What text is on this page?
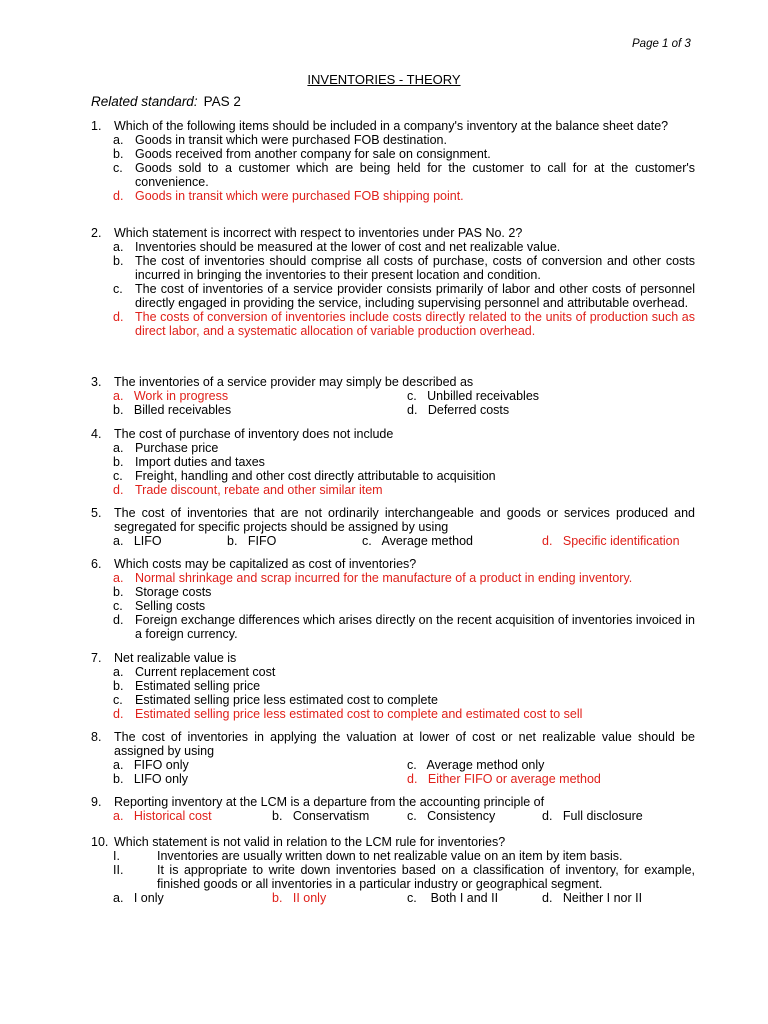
Page 1 of 3
INVENTORIES - THEORY
Related standard: PAS 2
1. Which of the following items should be included in a company's inventory at the balance sheet date?
a. Goods in transit which were purchased FOB destination.
b. Goods received from another company for sale on consignment.
c. Goods sold to a customer which are being held for the customer to call for at the customer's convenience.
d. Goods in transit which were purchased FOB shipping point.
2. Which statement is incorrect with respect to inventories under PAS No. 2?
a. Inventories should be measured at the lower of cost and net realizable value.
b. The cost of inventories should comprise all costs of purchase, costs of conversion and other costs incurred in bringing the inventories to their present location and condition.
c. The cost of inventories of a service provider consists primarily of labor and other costs of personnel directly engaged in providing the service, including supervising personnel and attributable overhead.
d. The costs of conversion of inventories include costs directly related to the units of production such as direct labor, and a systematic allocation of variable production overhead.
3. The inventories of a service provider may simply be described as
a. Work in progress	c. Unbilled receivables
b. Billed receivables	d. Deferred costs
4. The cost of purchase of inventory does not include
a. Purchase price
b. Import duties and taxes
c. Freight, handling and other cost directly attributable to acquisition
d. Trade discount, rebate and other similar item
5. The cost of inventories that are not ordinarily interchangeable and goods or services produced and segregated for specific projects should be assigned by using
a. LIFO	b. FIFO	c. Average method	d. Specific identification
6. Which costs may be capitalized as cost of inventories?
a. Normal shrinkage and scrap incurred for the manufacture of a product in ending inventory.
b. Storage costs
c. Selling costs
d. Foreign exchange differences which arises directly on the recent acquisition of inventories invoiced in a foreign currency.
7. Net realizable value is
a. Current replacement cost
b. Estimated selling price
c. Estimated selling price less estimated cost to complete
d. Estimated selling price less estimated cost to complete and estimated cost to sell
8. The cost of inventories in applying the valuation at lower of cost or net realizable value should be assigned by using
a. FIFO only	c. Average method only
b. LIFO only	d. Either FIFO or average method
9. Reporting inventory at the LCM is a departure from the accounting principle of
a. Historical cost	b. Conservatism	c. Consistency	d. Full disclosure
10. Which statement is not valid in relation to the LCM rule for inventories?
I.	Inventories are usually written down to net realizable value on an item by item basis.
II.	It is appropriate to write down inventories based on a classification of inventory, for example, finished goods or all inventories in a particular industry or geographical segment.
a. I only	b. II only	c. Both I and II	d. Neither I nor II
